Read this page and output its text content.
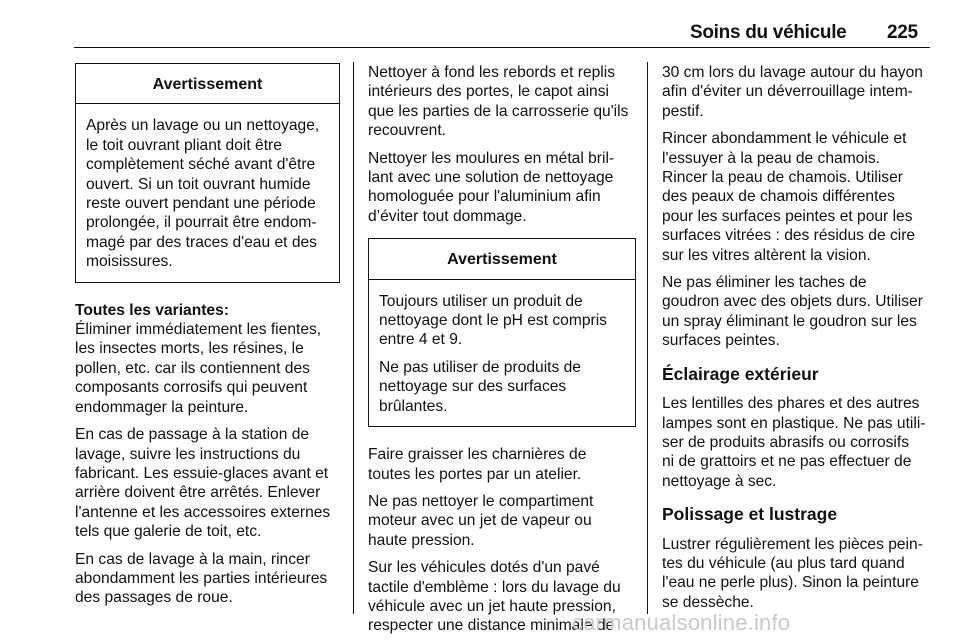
Soins du véhicule 225
Avertissement
Après un lavage ou un nettoyage,
le toit ouvrant pliant doit être
complètement séché avant d'être
ouvert. Si un toit ouvrant humide
reste ouvert pendant une période
prolongée, il pourrait être endom-
magé par des traces d'eau et des
moisissures.
Toutes les variantes:
Éliminer immédiatement les fientes,
les insectes morts, les résines, le
pollen, etc. car ils contiennent des
composants corrosifs qui peuvent
endommager la peinture.
En cas de passage à la station de
lavage, suivre les instructions du
fabricant. Les essuie-glaces avant et
arrière doivent être arrêtés. Enlever
l'antenne et les accessoires externes
tels que galerie de toit, etc.
En cas de lavage à la main, rincer
abondamment les parties intérieures
des passages de roue.
Nettoyer à fond les rebords et replis
intérieurs des portes, le capot ainsi
que les parties de la carrosserie qu'ils
recouvrent.
Nettoyer les moulures en métal bril-
lant avec une solution de nettoyage
homologuée pour l'aluminium afin
d’éviter tout dommage.
Avertissement
Toujours utiliser un produit de
nettoyage dont le pH est compris
entre 4 et 9.
Ne pas utiliser de produits de
nettoyage sur des surfaces
brûlantes.
Faire graisser les charnières de
toutes les portes par un atelier.
Ne pas nettoyer le compartiment
moteur avec un jet de vapeur ou
haute pression.
Sur les véhicules dotés d'un pavé
tactile d'emblème : lors du lavage du
véhicule avec un jet haute pression,
respecter une distance minimale de
30 cm lors du lavage autour du hayon
afin d'éviter un déverrouillage intem-
pestif.
Rincer abondamment le véhicule et
l'essuyer à la peau de chamois.
Rincer la peau de chamois. Utiliser
des peaux de chamois différentes
pour les surfaces peintes et pour les
surfaces vitrées : des résidus de cire
sur les vitres altèrent la vision.
Ne pas éliminer les taches de
goudron avec des objets durs. Utiliser
un spray éliminant le goudron sur les
surfaces peintes.
Éclairage extérieur
Les lentilles des phares et des autres
lampes sont en plastique. Ne pas utili-
ser de produits abrasifs ou corrosifs
ni de grattoirs et ne pas effectuer de
nettoyage à sec.
Polissage et lustrage
Lustrer régulièrement les pièces pein-
tes du véhicule (au plus tard quand
l'eau ne perle plus). Sinon la peinture
se dessèche.
carmanualsonline.info
